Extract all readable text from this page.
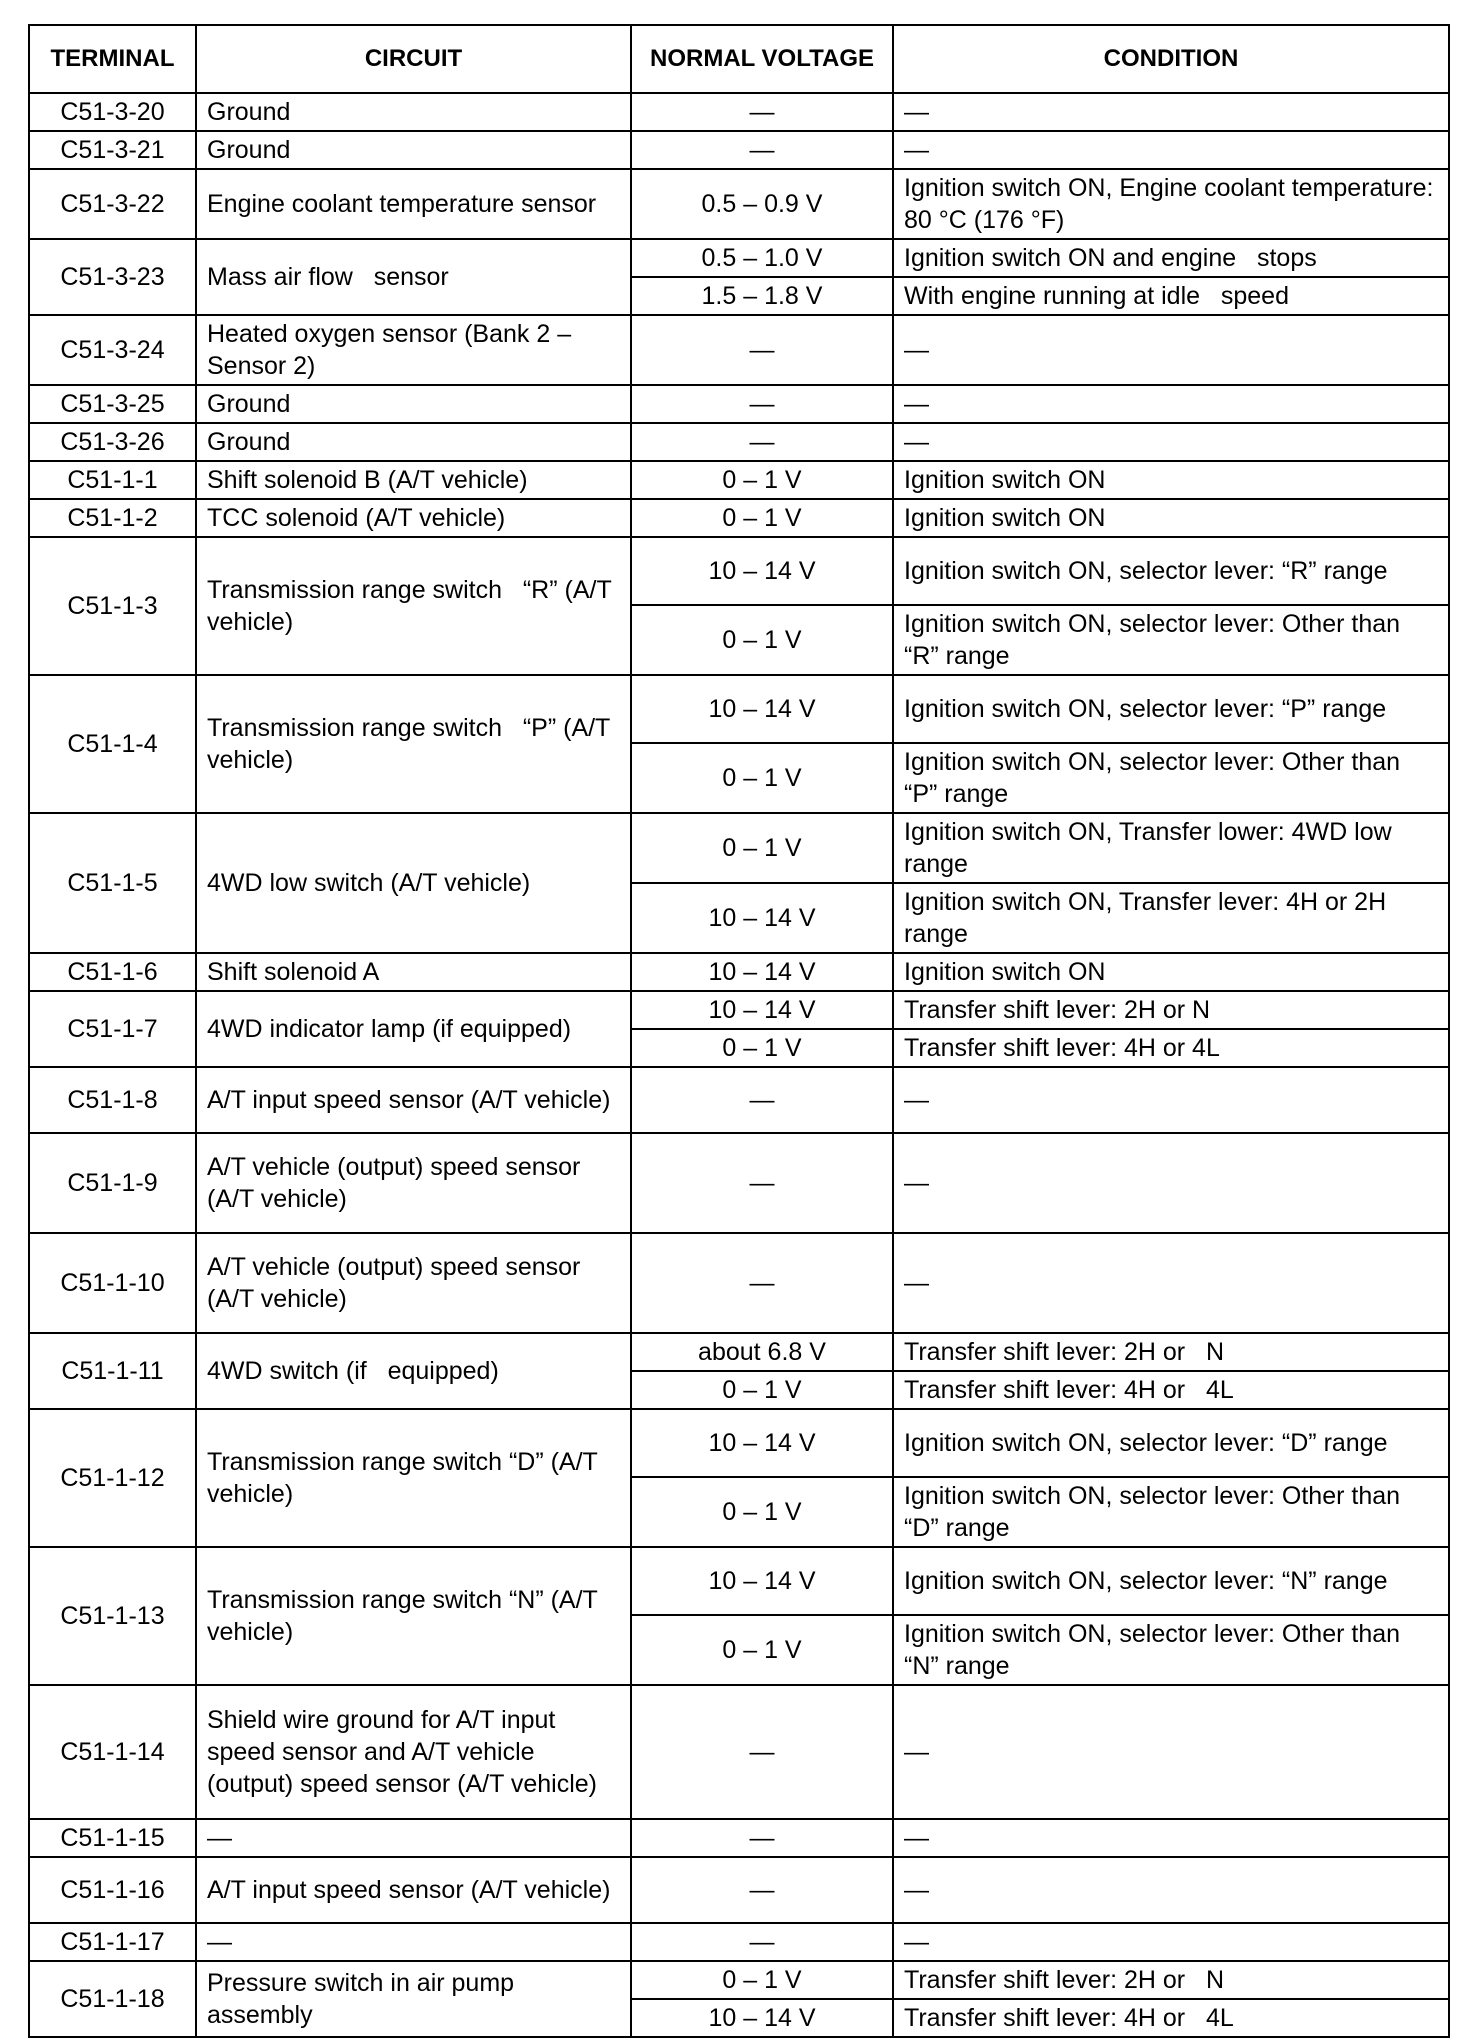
TERMINAL	CIRCUIT	NORMAL VOLTAGE	CONDITION
C51-3-20	Ground	—	—
C51-3-21	Ground	—	—
C51-3-22	Engine coolant temperature sensor	0.5 – 0.9 V	Ignition switch ON, Engine coolant temperature: 80 °C (176 °F)
C51-3-23	Mass air flow   sensor	0.5 – 1.0 V	Ignition switch ON and engine   stops
		1.5 – 1.8 V	With engine running at idle   speed
C51-3-24	Heated oxygen sensor (Bank 2 – Sensor 2)	—	—
C51-3-25	Ground	—	—
C51-3-26	Ground	—	—
C51-1-1	Shift solenoid B (A/T vehicle)	0 – 1 V	Ignition switch ON
C51-1-2	TCC solenoid (A/T vehicle)	0 – 1 V	Ignition switch ON
C51-1-3	Transmission range switch   “R” (A/T vehicle)	10 – 14 V	Ignition switch ON, selector lever: “R” range
		0 – 1 V	Ignition switch ON, selector lever: Other than “R” range
C51-1-4	Transmission range switch   “P” (A/T vehicle)	10 – 14 V	Ignition switch ON, selector lever: “P” range
		0 – 1 V	Ignition switch ON, selector lever: Other than “P” range
C51-1-5	4WD low switch (A/T vehicle)	0 – 1 V	Ignition switch ON, Transfer lower: 4WD low range
		10 – 14 V	Ignition switch ON, Transfer lever: 4H or 2H range
C51-1-6	Shift solenoid A	10 – 14 V	Ignition switch ON
C51-1-7	4WD indicator lamp (if equipped)	10 – 14 V	Transfer shift lever: 2H or N
		0 – 1 V	Transfer shift lever: 4H or 4L
C51-1-8	A/T input speed sensor (A/T vehicle)	—	—
C51-1-9	A/T vehicle (output) speed sensor (A/T vehicle)	—	—
C51-1-10	A/T vehicle (output) speed sensor (A/T vehicle)	—	—
C51-1-11	4WD switch (if   equipped)	about 6.8 V	Transfer shift lever: 2H or   N
		0 – 1 V	Transfer shift lever: 4H or   4L
C51-1-12	Transmission range switch “D” (A/T vehicle)	10 – 14 V	Ignition switch ON, selector lever: “D” range
		0 – 1 V	Ignition switch ON, selector lever: Other than “D” range
C51-1-13	Transmission range switch “N” (A/T vehicle)	10 – 14 V	Ignition switch ON, selector lever: “N” range
		0 – 1 V	Ignition switch ON, selector lever: Other than “N” range
C51-1-14	Shield wire ground for A/T input speed sensor and A/T vehicle (output) speed sensor (A/T vehicle)	—	—
C51-1-15	—	—	—
C51-1-16	A/T input speed sensor (A/T vehicle)	—	—
C51-1-17	—	—	—
C51-1-18	Pressure switch in air pump assembly	0 – 1 V	Transfer shift lever: 2H or   N
		10 – 14 V	Transfer shift lever: 4H or   4L
